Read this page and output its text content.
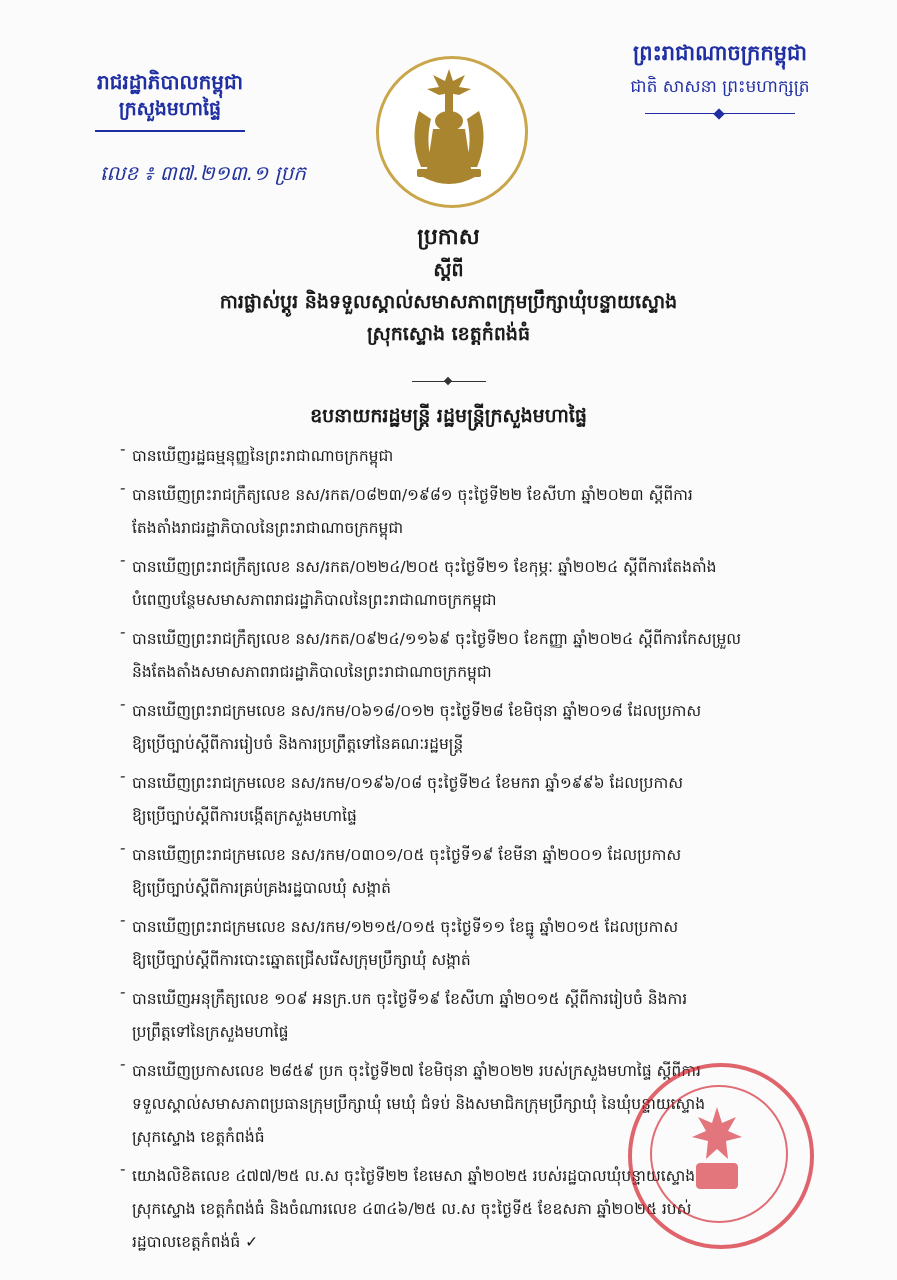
រាជរដ្ឋាភិបាលកម្ពុជា
ក្រសួងមហាផ្ទៃ
លេខ ៖ ៣៧.២១៣.១ ប្រក
ព្រះរាជាណាចក្រកម្ពុជា
ជាតិ សាសនា ព្រះមហាក្សត្រ
ប្រកាស
ស្តីពី
ការផ្លាស់ប្តូរ និងទទួលស្គាល់សមាសភាពក្រុមប្រឹក្សាឃុំបន្ទាយស្ទោង
ស្រុកស្ទោង ខេត្តកំពង់ធំ
ឧបនាយករដ្ឋមន្ត្រី រដ្ឋមន្ត្រីក្រសួងមហាផ្ទៃ
- បានឃើញរដ្ឋធម្មនុញ្ញនៃព្រះរាជាណាចក្រកម្ពុជា
- បានឃើញព្រះរាជក្រឹត្យលេខ នស/រកត/០៨២៣/១៩៨១ ចុះថ្ងៃទី២២ ខែសីហា ឆ្នាំ២០២៣ ស្តីពីការ
តែងតាំងរាជរដ្ឋាភិបាលនៃព្រះរាជាណាចក្រកម្ពុជា
- បានឃើញព្រះរាជក្រឹត្យលេខ នស/រកត/០២២៤/២០៥ ចុះថ្ងៃទី២១ ខែកុម្ភៈ ឆ្នាំ២០២៤ ស្តីពីការតែងតាំង
បំពេញបន្ថែមសមាសភាពរាជរដ្ឋាភិបាលនៃព្រះរាជាណាចក្រកម្ពុជា
- បានឃើញព្រះរាជក្រឹត្យលេខ នស/រកត/០៩២៤/១១៦៩ ចុះថ្ងៃទី២០ ខែកញ្ញា ឆ្នាំ២០២៤ ស្តីពីការកែសម្រួល
និងតែងតាំងសមាសភាពរាជរដ្ឋាភិបាលនៃព្រះរាជាណាចក្រកម្ពុជា
- បានឃើញព្រះរាជក្រមលេខ នស/រកម/០៦១៨/០១២ ចុះថ្ងៃទី២៨ ខែមិថុនា ឆ្នាំ២០១៨ ដែលប្រកាស
ឱ្យប្រើច្បាប់ស្តីពីការរៀបចំ និងការប្រព្រឹត្តទៅនៃគណៈរដ្ឋមន្ត្រី
- បានឃើញព្រះរាជក្រមលេខ នស/រកម/០១៩៦/០៨ ចុះថ្ងៃទី២៤ ខែមករា ឆ្នាំ១៩៩៦ ដែលប្រកាស
ឱ្យប្រើច្បាប់ស្តីពីការបង្កើតក្រសួងមហាផ្ទៃ
- បានឃើញព្រះរាជក្រមលេខ នស/រកម/០៣០១/០៥ ចុះថ្ងៃទី១៩ ខែមីនា ឆ្នាំ២០០១ ដែលប្រកាស
ឱ្យប្រើច្បាប់ស្តីពីការគ្រប់គ្រងរដ្ឋបាលឃុំ សង្កាត់
- បានឃើញព្រះរាជក្រមលេខ នស/រកម/១២១៥/០១៥ ចុះថ្ងៃទី១១ ខែធ្នូ ឆ្នាំ២០១៥ ដែលប្រកាស
ឱ្យប្រើច្បាប់ស្តីពីការបោះឆ្នោតជ្រើសរើសក្រុមប្រឹក្សាឃុំ សង្កាត់
- បានឃើញអនុក្រឹត្យលេខ ១០៩ អនក្រ.បក ចុះថ្ងៃទី១៩ ខែសីហា ឆ្នាំ២០១៥ ស្តីពីការរៀបចំ និងការ
ប្រព្រឹត្តទៅនៃក្រសួងមហាផ្ទៃ
- បានឃើញប្រកាសលេខ ២៨៥៩ ប្រក ចុះថ្ងៃទី២៧ ខែមិថុនា ឆ្នាំ២០២២ របស់ក្រសួងមហាផ្ទៃ ស្តីពីការ
ទទួលស្គាល់សមាសភាពប្រធានក្រុមប្រឹក្សាឃុំ មេឃុំ ជំទប់ និងសមាជិកក្រុមប្រឹក្សាឃុំ នៃឃុំបន្ទាយស្ទោង
ស្រុកស្ទោង ខេត្តកំពង់ធំ
- យោងលិខិតលេខ ៤៧៧/២៥ ល.ស ចុះថ្ងៃទី២២ ខែមេសា ឆ្នាំ២០២៥ របស់រដ្ឋបាលឃុំបន្ទាយស្ទោង
ស្រុកស្ទោង ខេត្តកំពង់ធំ និងចំណារលេខ ៤៣៤៦/២៥ ល.ស ចុះថ្ងៃទី៥ ខែឧសភា ឆ្នាំ២០២៥ របស់
រដ្ឋបាលខេត្តកំពង់ធំ ✓
